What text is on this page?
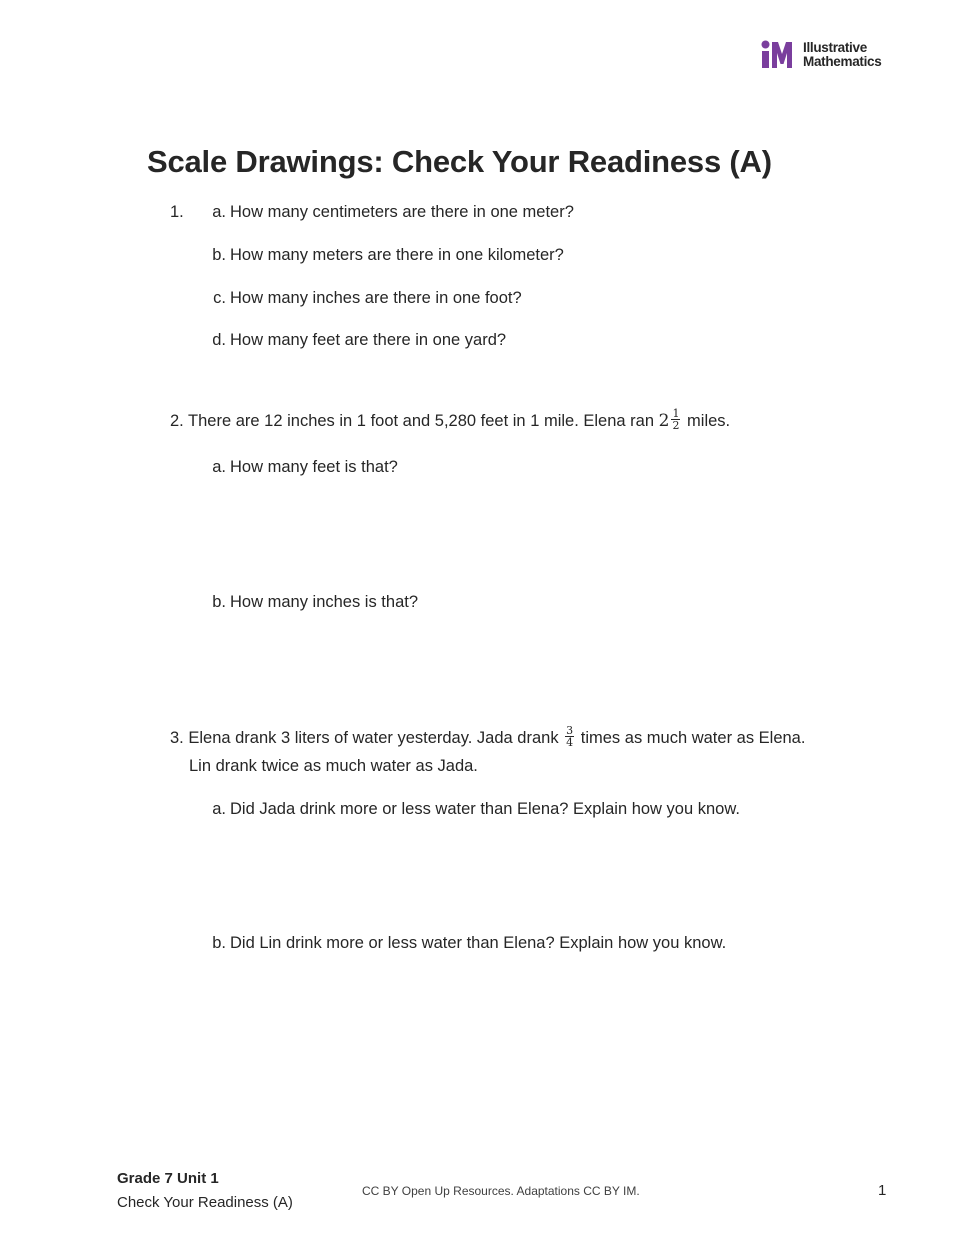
Illustrative
Mathematics
Scale Drawings: Check Your Readiness (A)
1.	a. How many centimeters are there in one meter?
b. How many meters are there in one kilometer?
c. How many inches are there in one foot?
d. How many feet are there in one yard?
2. There are 12 inches in 1 foot and 5,280 feet in 1 mile. Elena ran $2 \frac{1}{2}$ miles.
a. How many feet is that?
b. How many inches is that?
3. Elena drank 3 liters of water yesterday. Jada drank $\frac{3}{4}$ times as much water as Elena.
Lin drank twice as much water as Jada.
a. Did Jada drink more or less water than Elena? Explain how you know.
b. Did Lin drink more or less water than Elena? Explain how you know.
Grade 7 Unit 1
Check Your Readiness (A)
CC BY Open Up Resources. Adaptations CC BY IM.	1
